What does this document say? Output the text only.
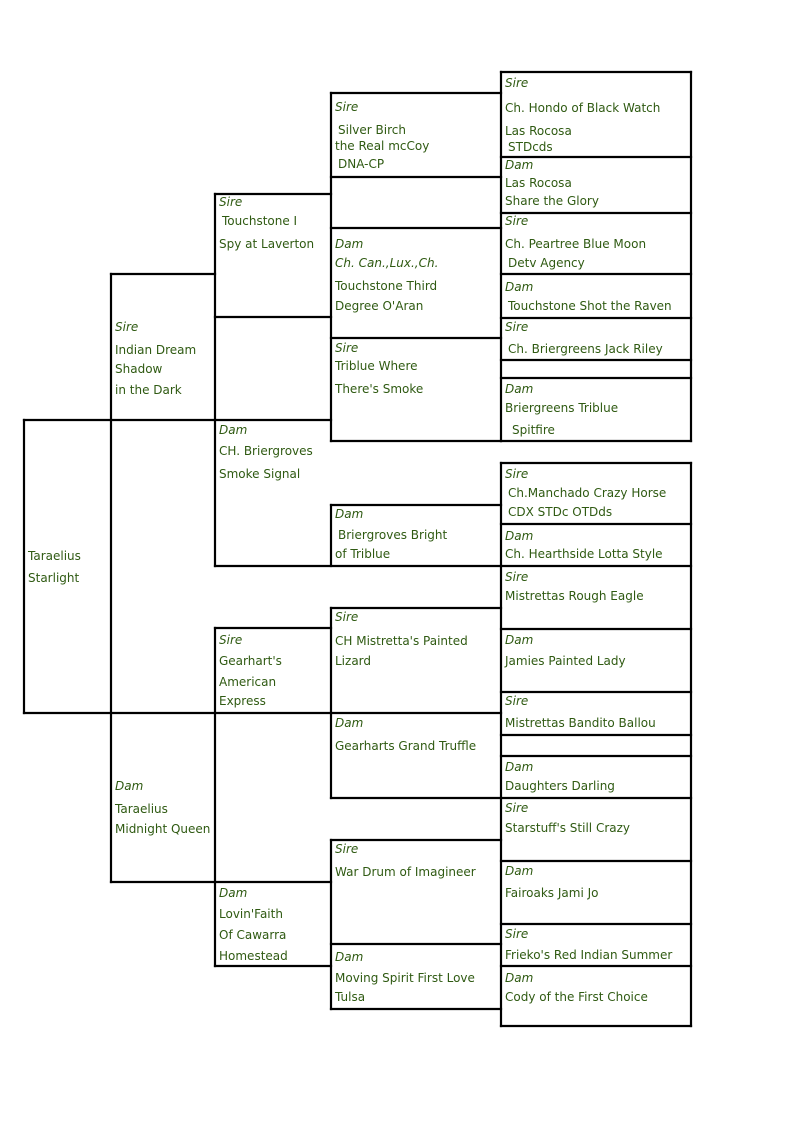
Taraelius
Starlight
Sire
Indian Dream
Shadow
in the Dark
Dam
Taraelius
Midnight Queen
Sire
Touchstone I
Spy at Laverton
Dam
CH. Briergroves
Smoke Signal
Sire
Gearhart's
American
Express
Dam
Lovin'Faith
Of Cawarra
Homestead
Sire
Silver Birch
the Real mcCoy
DNA-CP
Dam
Ch. Can.,Lux.,Ch.
Touchstone Third
Degree O'Aran
Sire
Triblue Where
There's Smoke
Dam
Briergroves Bright
of Triblue
Sire
CH Mistretta's Painted
Lizard
Dam
Gearharts Grand Truffle
Sire
War Drum of Imagineer
Dam
Moving Spirit First Love
Tulsa
Sire
Ch. Hondo of Black Watch
Las Rocosa
STDcds
Dam
Las Rocosa
Share the Glory
Sire
Ch. Peartree Blue Moon
Detv Agency
Dam
Touchstone Shot the Raven
Sire
Ch. Briergreens Jack Riley
Dam
Briergreens Triblue
Spitfire
Sire
Ch.Manchado Crazy Horse
CDX STDc OTDds
Dam
Ch. Hearthside Lotta Style
Sire
Mistrettas Rough Eagle
Dam
Jamies Painted Lady
Sire
Mistrettas Bandito Ballou
Dam
Daughters Darling
Sire
Starstuff's Still Crazy
Dam
Fairoaks Jami Jo
Sire
Frieko's Red Indian Summer
Dam
Cody of the First Choice
